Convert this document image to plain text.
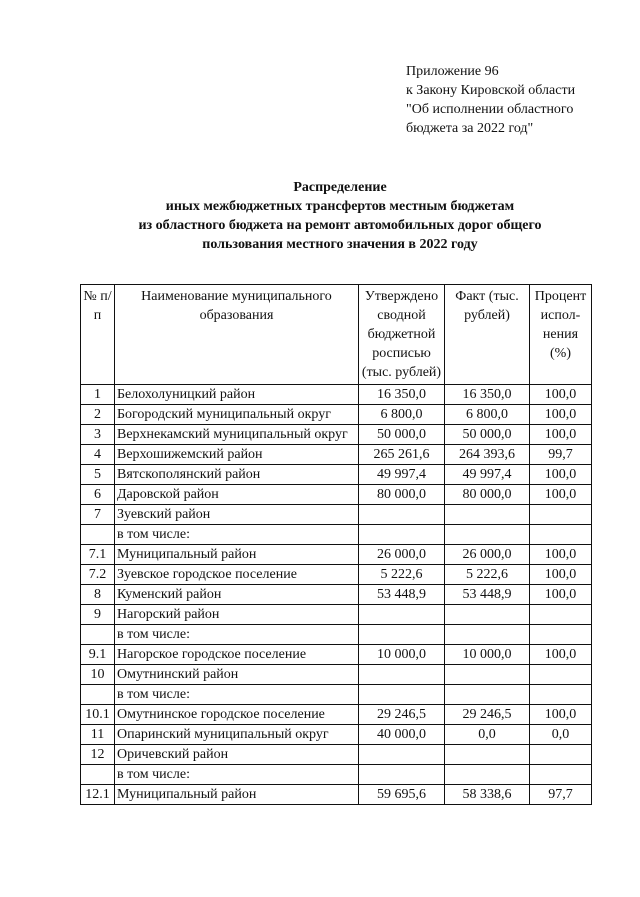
Приложение 96
к Закону Кировской области
"Об исполнении областного
бюджета за 2022 год"
Распределение
иных межбюджетных трансфертов местным бюджетам
из областного бюджета на ремонт автомобильных дорог общего
пользования местного значения в 2022 году
№ п/п	Наименование муниципального образования	Утверждено сводной бюджетной росписью (тыс. рублей)	Факт (тыс. рублей)	Процент испол-нения (%)
1	Белохолуницкий район	16 350,0	16 350,0	100,0
2	Богородский муниципальный округ	6 800,0	6 800,0	100,0
3	Верхнекамский муниципальный округ	50 000,0	50 000,0	100,0
4	Верхошижемский район	265 261,6	264 393,6	99,7
5	Вятскополянский район	49 997,4	49 997,4	100,0
6	Даровской район	80 000,0	80 000,0	100,0
7	Зуевский район			
	в том числе:			
7.1	Муниципальный район	26 000,0	26 000,0	100,0
7.2	Зуевское городское поселение	5 222,6	5 222,6	100,0
8	Куменский район	53 448,9	53 448,9	100,0
9	Нагорский район			
	в том числе:			
9.1	Нагорское городское поселение	10 000,0	10 000,0	100,0
10	Омутнинский район			
	в том числе:			
10.1	Омутнинское городское поселение	29 246,5	29 246,5	100,0
11	Опаринский муниципальный округ	40 000,0	0,0	0,0
12	Оричевский район			
	в том числе:			
12.1	Муниципальный район	59 695,6	58 338,6	97,7
